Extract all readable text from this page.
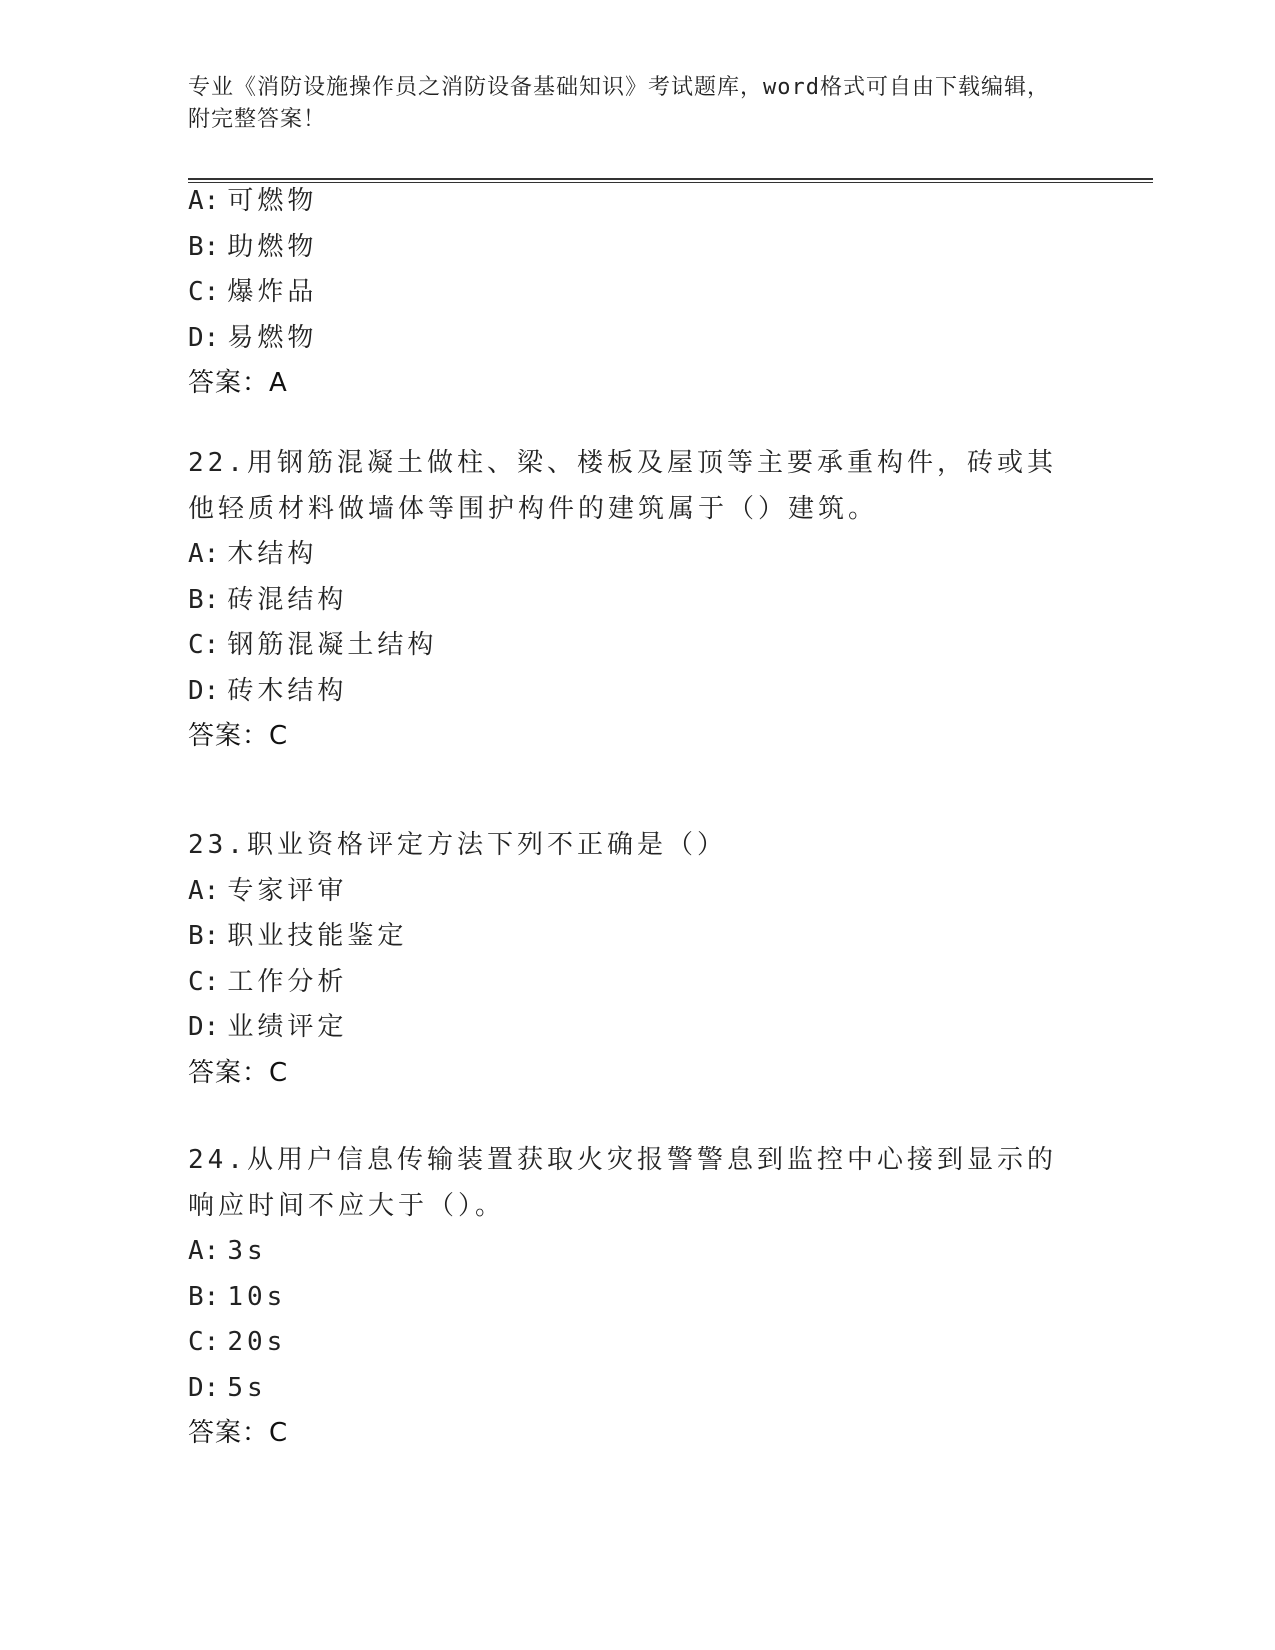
专业《消防设施操作员之消防设备基础知识》考试题库，word格式可自由下载编辑，附完整答案！
A: 可燃物
B: 助燃物
C: 爆炸品
D: 易燃物
答案：A

22.用钢筋混凝土做柱、梁、楼板及屋顶等主要承重构件，砖或其他轻质材料做墙体等围护构件的建筑属于（）建筑。

A: 木结构
B: 砖混结构
C: 钢筋混凝土结构
D: 砖木结构
答案：C

23.职业资格评定方法下列不正确是（）

A: 专家评审
B: 职业技能鉴定
C: 工作分析
D: 业绩评定
答案：C

24.从用户信息传输装置获取火灾报警警息到监控中心接到显示的响应时间不应大于（）。

A: 3s
B: 10s
C: 20s
D: 5s
答案：C
